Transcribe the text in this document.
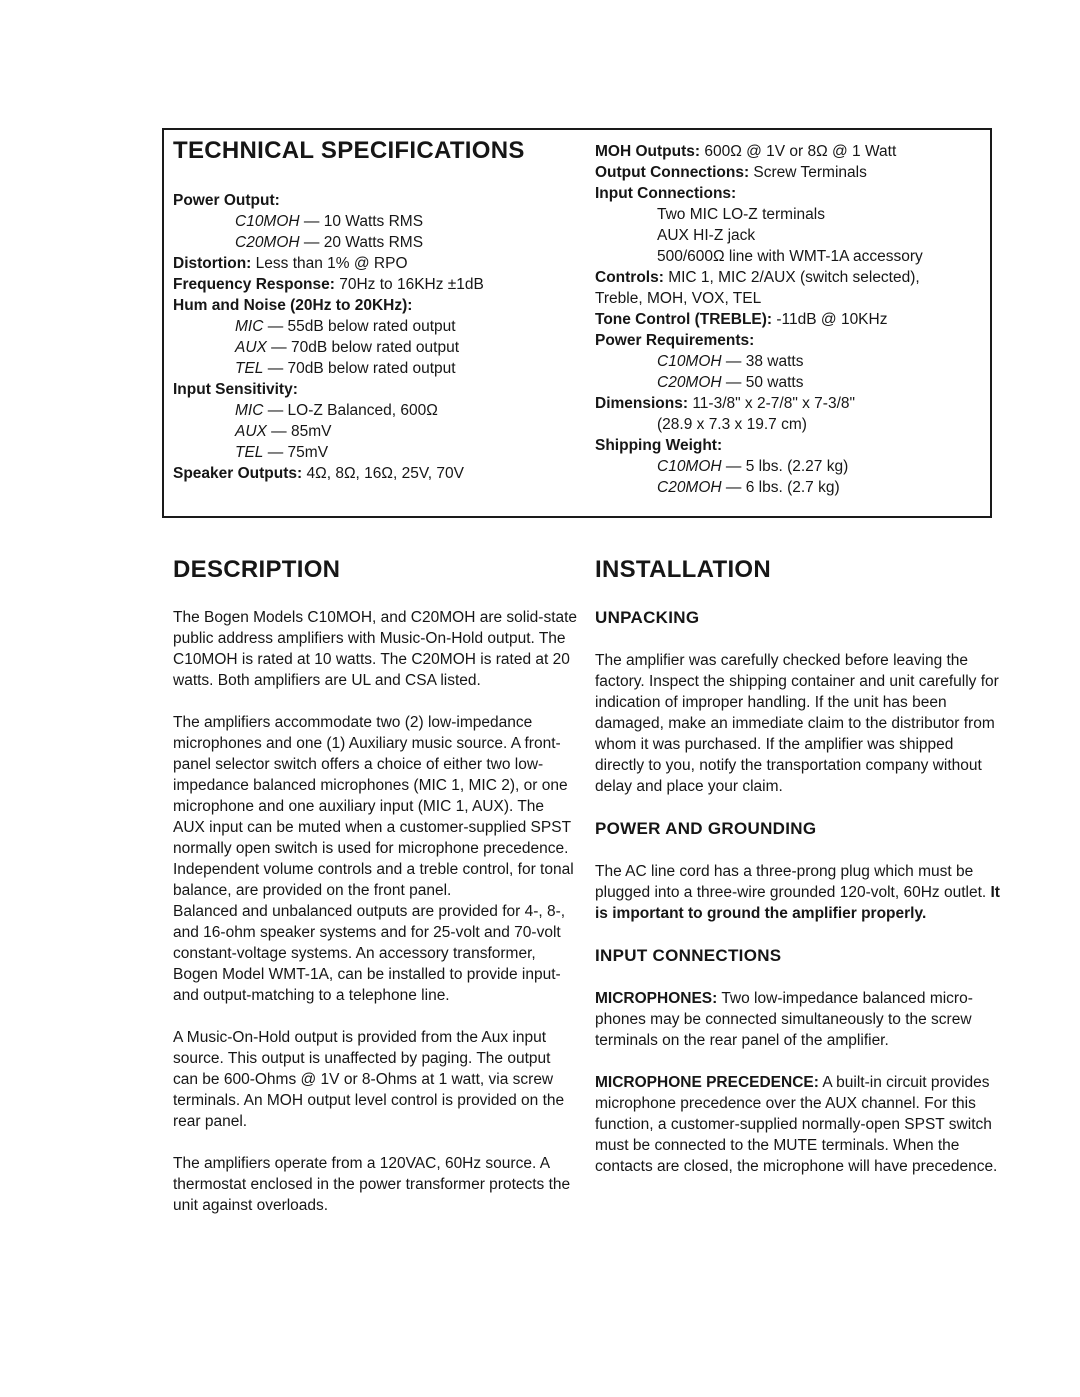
TECHNICAL SPECIFICATIONS
Power Output:
C10MOH — 10 Watts RMS
C20MOH — 20 Watts RMS
Distortion: Less than 1% @ RPO
Frequency Response: 70Hz to 16KHz ±1dB
Hum and Noise (20Hz to 20KHz):
MIC — 55dB below rated output
AUX — 70dB below rated output
TEL — 70dB below rated output
Input Sensitivity:
MIC — LO-Z Balanced, 600Ω
AUX — 85mV
TEL — 75mV
Speaker Outputs: 4Ω, 8Ω, 16Ω, 25V, 70V
MOH Outputs: 600Ω @ 1V or 8Ω @ 1 Watt
Output Connections: Screw Terminals
Input Connections:
Two MIC LO-Z terminals
AUX HI-Z jack
500/600Ω line with WMT-1A accessory
Controls: MIC 1, MIC 2/AUX (switch selected),
Treble, MOH, VOX, TEL
Tone Control (TREBLE): -11dB @ 10KHz
Power Requirements:
C10MOH — 38 watts
C20MOH — 50 watts
Dimensions: 11-3/8" x 2-7/8" x 7-3/8"
(28.9 x 7.3 x 19.7 cm)
Shipping Weight:
C10MOH — 5 lbs. (2.27 kg)
C20MOH — 6 lbs. (2.7 kg)
DESCRIPTION

The Bogen Models C10MOH, and C20MOH are solid-state public address amplifiers with Music-On-Hold output. The C10MOH is rated at 10 watts. The C20MOH is rated at 20 watts. Both amplifiers are UL and CSA listed.

The amplifiers accommodate two (2) low-impedance microphones and one (1) Auxiliary music source. A front-panel selector switch offers a choice of either two low-impedance balanced microphones (MIC 1, MIC 2), or one microphone and one auxiliary input (MIC 1, AUX). The AUX input can be muted when a customer-supplied SPST normally open switch is used for microphone precedence. Independent volume controls and a treble control, for tonal balance, are provided on the front panel.

Balanced and unbalanced outputs are provided for 4-, 8-, and 16-ohm speaker systems and for 25-volt and 70-volt constant-voltage systems. An accessory transformer, Bogen Model WMT-1A, can be installed to provide input- and output-matching to a telephone line.

A Music-On-Hold output is provided from the Aux input source. This output is unaffected by paging. The output can be 600-Ohms @ 1V or 8-Ohms at 1 watt, via screw terminals. An MOH output level control is provided on the rear panel.

The amplifiers operate from a 120VAC, 60Hz source. A thermostat enclosed in the power transformer protects the unit against overloads.

INSTALLATION
UNPACKING

The amplifier was carefully checked before leaving the factory. Inspect the shipping container and unit carefully for indication of improper handling. If the unit has been damaged, make an immediate claim to the distributor from whom it was purchased. If the amplifier was shipped directly to you, notify the transportation company without delay and place your claim.

POWER AND GROUNDING

The AC line cord has a three-prong plug which must be plugged into a three-wire grounded 120-volt, 60Hz outlet. It is important to ground the amplifier properly.

INPUT CONNECTIONS

MICROPHONES: Two low-impedance balanced micro-phones may be connected simultaneously to the screw terminals on the rear panel of the amplifier.

MICROPHONE PRECEDENCE: A built-in circuit provides microphone precedence over the AUX channel. For this function, a customer-supplied normally-open SPST switch must be connected to the MUTE terminals. When the contacts are closed, the microphone will have precedence.
